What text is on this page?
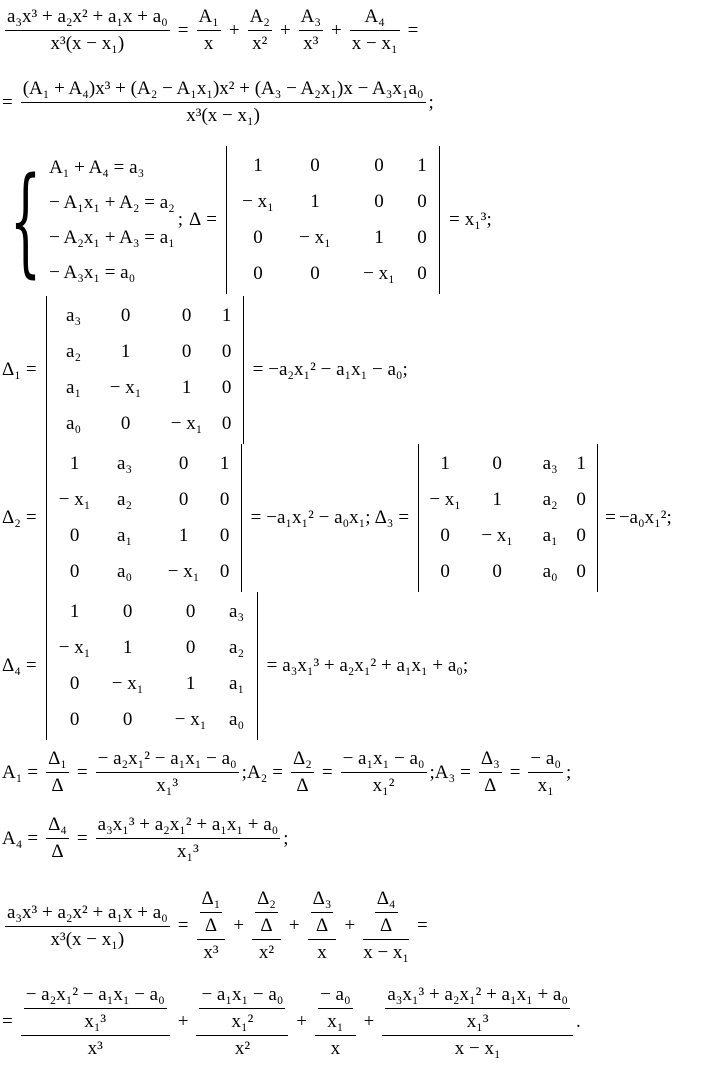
$\frac{\text{a₃x³ + a₂x² + a₁x + a₀}}{\text{x³(x − x₁)}} = \frac{\text{A₁}}{x} + \frac{\text{A₂}}{\text{x²}} + \frac{\text{A₃}}{\text{x³}} + \frac{\text{A₄}}{\text{x − x₁}}$ =
= $\frac{\text{(A₁ + A₄)x³ + (A₂ − A₁x₁)x² + (A₃ − A₂x₁)x − A₃x₁a₀}}{\text{x³(x − x₁)}}$ ;
{ A₁ + A₄ = a₃
− A₁x₁ + A₂ = a₂
− A₂x₁ + A₃ = a₁
− A₃x₁ = a₀
; Δ =
1	0	0	1
− x₁	1	0	0
0	− x₁	1	0
0	0	− x₁	0
= x₁³ ;
Δ₁ =
a₃	0	0	1
a₂	1	0	0
a₁	− x₁	1	0
a₀	0	− x₁	0
= −a₂x₁² − a₁x₁ − a₀ ;
Δ₂ =
1	a₃	0	1
− x₁	a₂	0	0
0	a₁	1	0
0	a₀	− x₁	0
= −a₁x₁² − a₀x₁ ; Δ₃ =
1	0	a₃	1
− x₁	1	a₂	0
0	− x₁	a₁	0
0	0	a₀	0
= −a₀x₁² ;
Δ₄ =
1	0	0	a₃
− x₁	1	0	a₂
0	− x₁	1	a₁
0	0	− x₁	a₀
= a₃x₁³ + a₂x₁² + a₁x₁ + a₀ ;
$A_1 = \frac{\text{Δ₁}}{\Delta} = \frac{\text{− a₂x₁² − a₁x₁ − a₀}}{\text{x₁³}}$ ; $A_2 = \frac{\text{Δ₂}}{\Delta} = \frac{\text{− a₁x₁ − a₀}}{\text{x₁²}}$ ; $A_3 = \frac{\text{Δ₃}}{\Delta} = \frac{\text{− a₀}}{\text{x₁}}$ ;
$A_4 = \frac{\text{Δ₄}}{\Delta} = \frac{\text{a₃x₁³ + a₂x₁² + a₁x₁ + a₀}}{\text{x₁³}}$ ;
$\frac{\text{a₃x³ + a₂x² + a₁x + a₀}}{\text{x³(x − x₁)}} = \frac{\frac{\text{Δ₁}}{\Delta}}{\text{x³}} + \frac{\frac{\text{Δ₂}}{\Delta}}{\text{x²}} + \frac{\frac{\text{Δ₃}}{\Delta}}{x} + \frac{\frac{\text{Δ₄}}{\Delta}}{\text{x − x₁}}$ =
= $\frac{\frac{\text{− a₂x₁² − a₁x₁ − a₀}}{\text{x₁³}}}{\text{x³}} + \frac{\frac{\text{− a₁x₁ − a₀}}{\text{x₁²}}}{\text{x²}} + \frac{\frac{\text{− a₀}}{\text{x₁}}}{x} + \frac{\frac{\text{a₃x₁³ + a₂x₁² + a₁x₁ + a₀}}{\text{x₁³}}}{\text{x − x₁}}$ .
